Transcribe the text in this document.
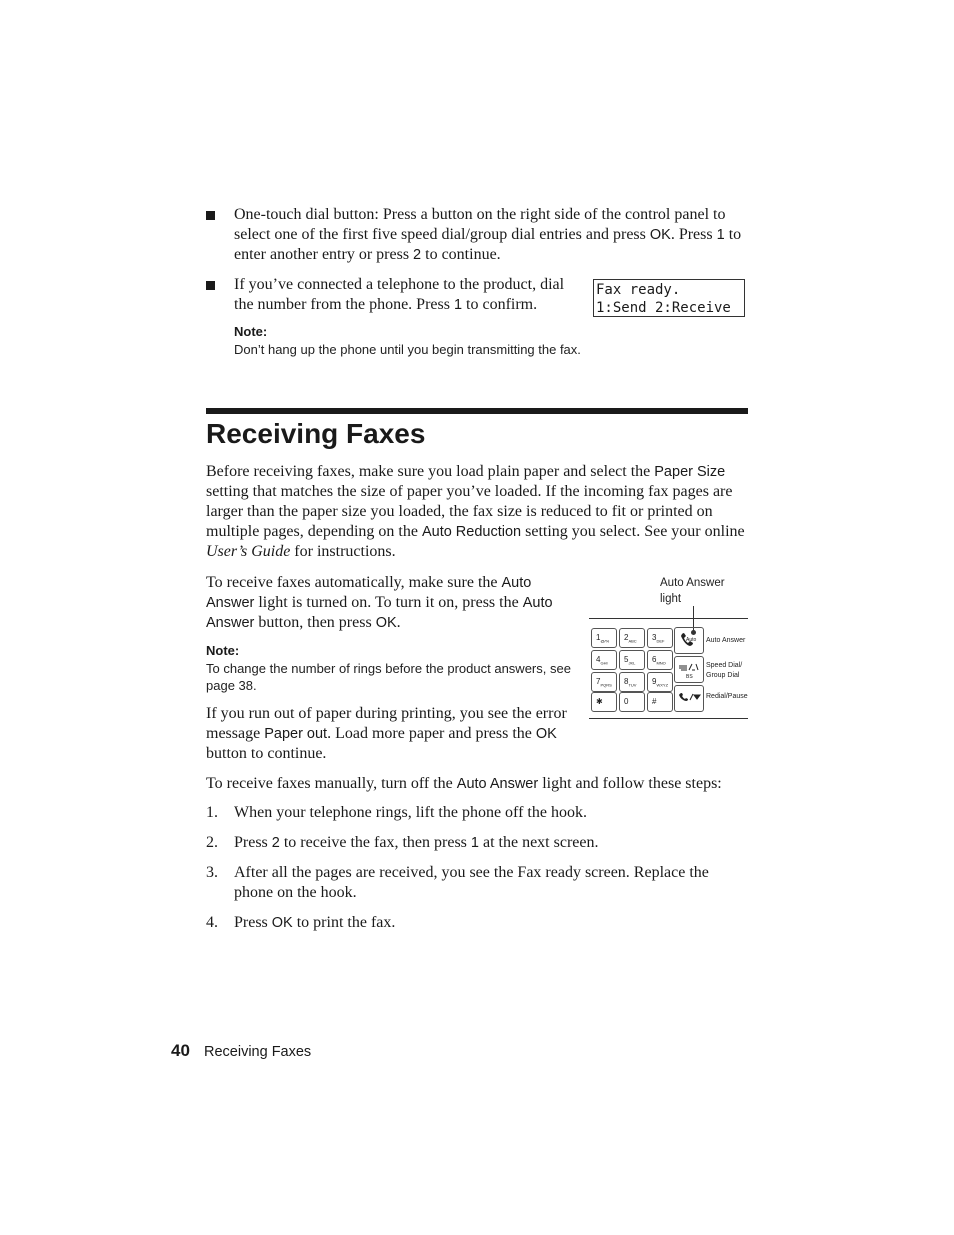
One-touch dial button: Press a button on the right side of the control panel to select one of the first five speed dial/group dial entries and press OK. Press 1 to enter another entry or press 2 to continue.
If you’ve connected a telephone to the product, dial the number from the phone. Press 1 to confirm.
Fax ready.
1:Send 2:Receive
Note:
Don’t hang up the phone until you begin transmitting the fax.
Receiving Faxes
Before receiving faxes, make sure you load plain paper and select the Paper Size setting that matches the size of paper you’ve loaded. If the incoming fax pages are larger than the paper size you loaded, the fax size is reduced to fit or printed on multiple pages, depending on the Auto Reduction setting you select. See your online User’s Guide for instructions.
To receive faxes automatically, make sure the Auto Answer light is turned on. To turn it on, press the Auto Answer button, then press OK.
Note:
To change the number of rings before the product answers, see page 38.
If you run out of paper during printing, you see the error message Paper out. Load more paper and press the OK button to continue.
To receive faxes manually, turn off the Auto Answer light and follow these steps:
1. When your telephone rings, lift the phone off the hook.
2. Press 2 to receive the fax, then press 1 at the next screen.
3. After all the pages are received, you see the Fax ready screen. Replace the phone on the hook.
4. Press OK to print the fax.
Auto Answer light
$1_{@/\%}$	$2_{ABC}$	$3_{DEF}$
$4_{GHI}$	$5_{JKL}$	$6_{MNO}$
$7_{PQRS}$	$8_{TUV}$	$9_{WXYZ}$
✱	0	#
Auto Auto Answer
BS
Speed Dial/ Group Dial
Redial/Pause
40 Receiving Faxes
